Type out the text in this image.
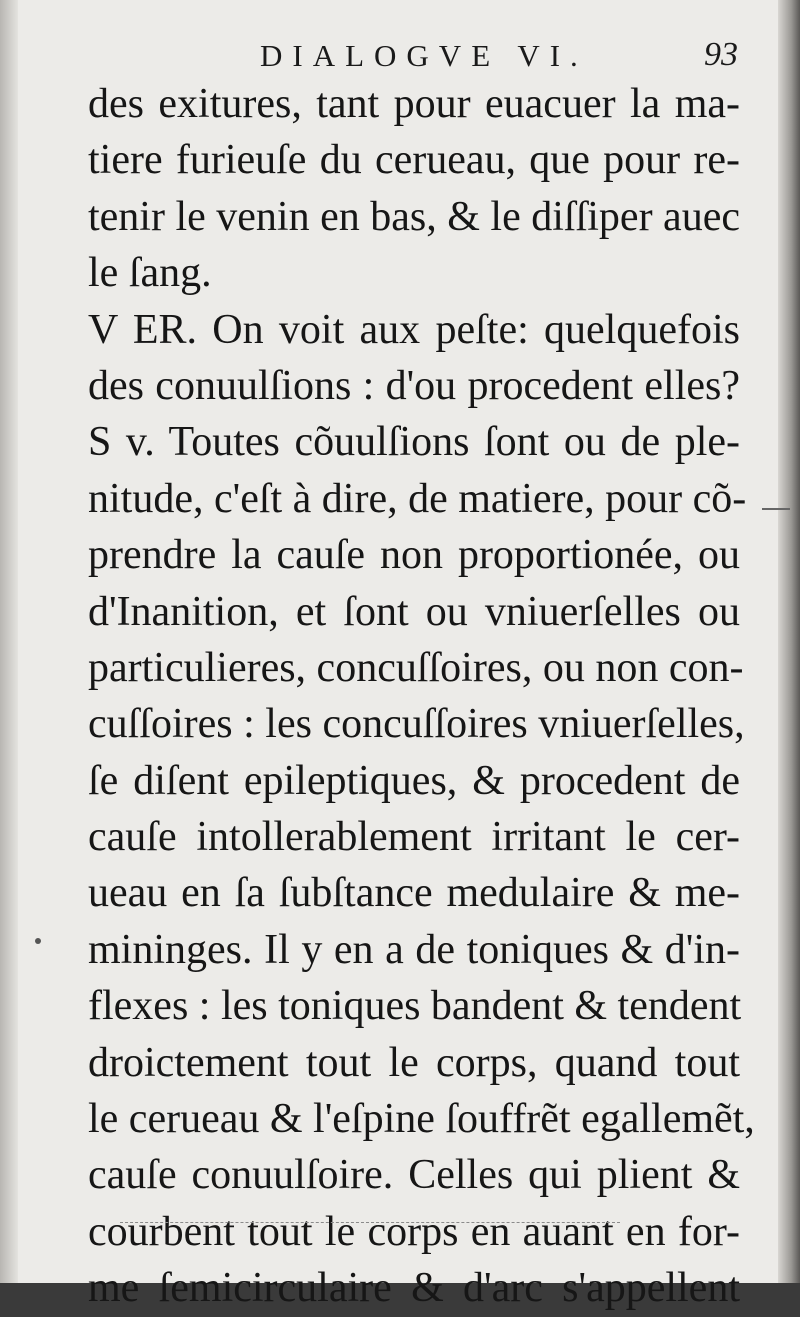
DIALOGVE VI.	93
des exitures, tant pour euacuer la ma-
tiere furieuſe du cerueau, que pour re-
tenir le venin en bas, & le diſſiper auec
le ſang.
V ER. On voit aux peſte: quelquefois
des conuulſions : d'ou procedent elles?
S v. Toutes cõuulſions ſont ou de ple-
nitude, c'eſt à dire, de matiere, pour cõ-
prendre la cauſe non proportionée, ou
d'Inanition, et ſont ou vniuerſelles ou
particulieres, concuſſoires, ou non con-
cuſſoires : les concuſſoires vniuerſelles,
ſe diſent epileptiques, & procedent de
cauſe intollerablement irritant le cer-
ueau en ſa ſubſtance medulaire & me-
mininges. Il y en a de toniques & d'in-
flexes : les toniques bandent & tendent
droictement tout le corps, quand tout
le cerueau & l'eſpine ſouffrẽt egallemẽt,
cauſe conuulſoire. Celles qui plient &
courbent tout le corps en auant en for-
me ſemicirculaire & d'arc s'appellent
